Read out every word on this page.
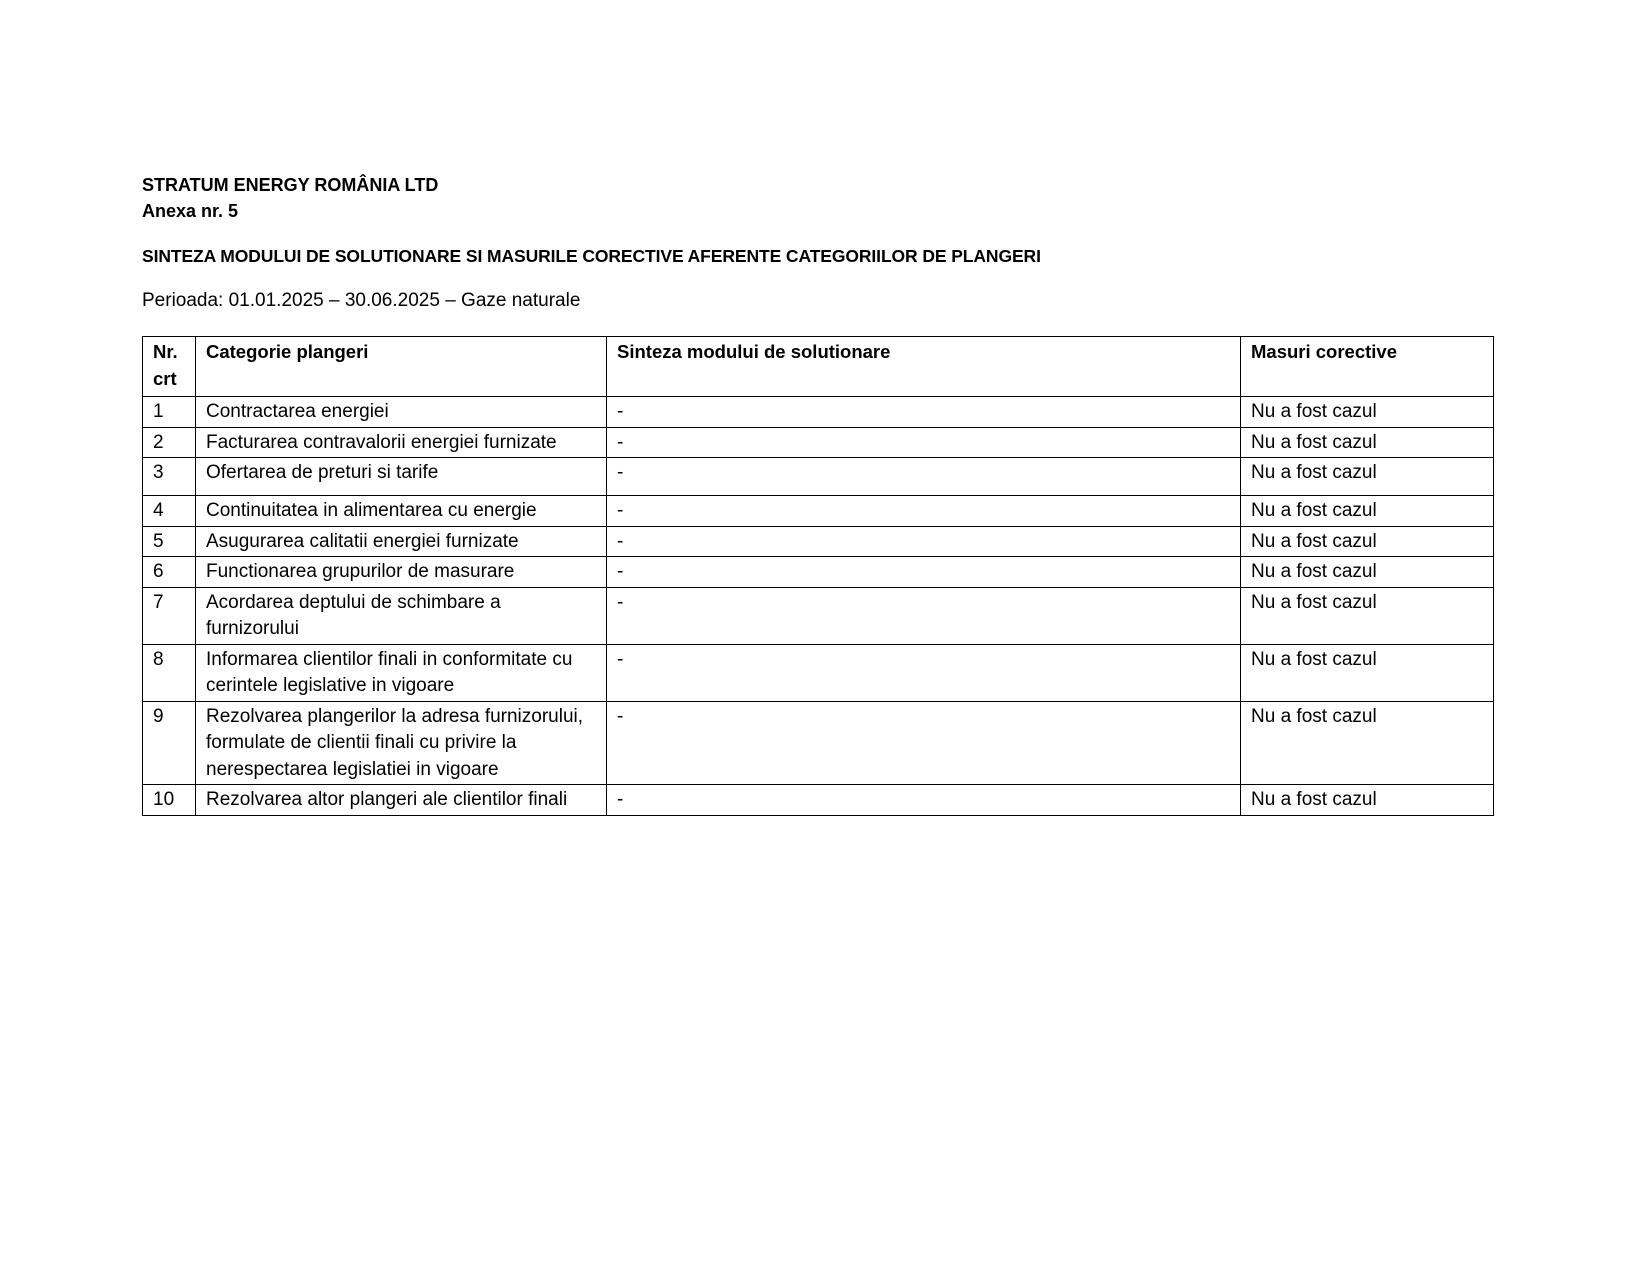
STRATUM ENERGY ROMÂNIA LTD

Anexa nr. 5

SINTEZA MODULUI DE SOLUTIONARE SI MASURILE CORECTIVE AFERENTE CATEGORIILOR DE PLANGERI

Perioada: 01.01.2025 – 30.06.2025 – Gaze naturale

Nr. crt	Categorie plangeri	Sinteza modului de solutionare	Masuri corective
1	Contractarea energiei	-	Nu a fost cazul
2	Facturarea contravalorii energiei furnizate	-	Nu a fost cazul
3	Ofertarea de preturi si tarife	-	Nu a fost cazul
4	Continuitatea in alimentarea cu energie	-	Nu a fost cazul
5	Asugurarea calitatii energiei furnizate	-	Nu a fost cazul
6	Functionarea grupurilor de masurare	-	Nu a fost cazul
7	Acordarea deptului de schimbare a furnizorului	-	Nu a fost cazul
8	Informarea clientilor finali in conformitate cu cerintele legislative in vigoare	-	Nu a fost cazul
9	Rezolvarea plangerilor la adresa furnizorului, formulate de clientii finali cu privire la nerespectarea legislatiei in vigoare	-	Nu a fost cazul
10	Rezolvarea altor plangeri ale clientilor finali	-	Nu a fost cazul
